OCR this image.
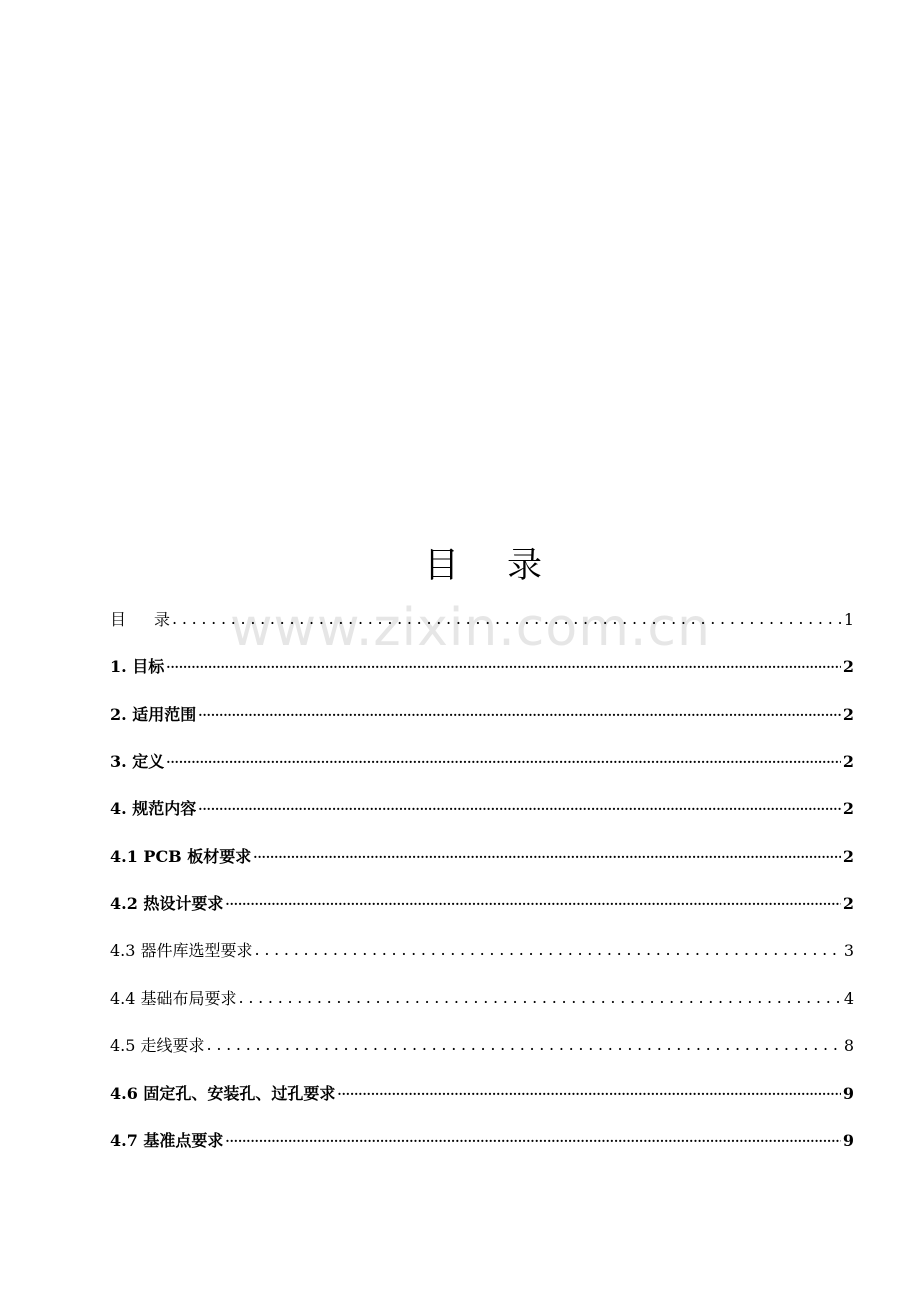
www.zixin.com.cn
目 录
目 录 .....	1
1. 目标 .....	2
2. 适用范围 .....	2
3. 定义 .....	2
4. 规范内容 .....	2
4.1 PCB 板材要求 .....	2
4.2 热设计要求 .....	2
4.3 器件库选型要求 .....	3
4.4 基础布局要求 .....	4
4.5 走线要求 .....	8
4.6 固定孔、安装孔、过孔要求 .....	9
4.7 基准点要求 .....	9
